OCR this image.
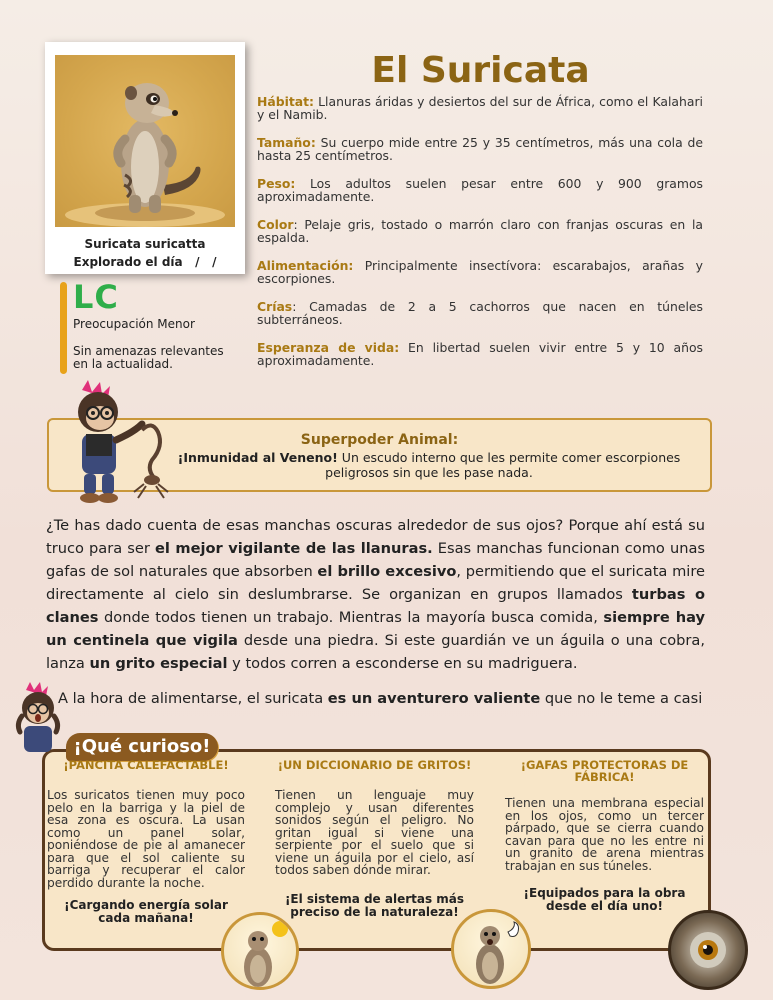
Suricata suricatta
Explorado el día   /   /
LC
Preocupación Menor
Sin amenazas relevantes
en la actualidad.
El Suricata
Hábitat: Llanuras áridas y desiertos del sur de África, como el Kalahari y el Namib.
Tamaño: Su cuerpo mide entre 25 y 35 centímetros, más una cola de hasta 25 centímetros.
Peso: Los adultos suelen pesar entre 600 y 900 gramos aproximadamente.
Color: Pelaje gris, tostado o marrón claro con franjas oscuras en la espalda.
Alimentación: Principalmente insectívora: escarabajos, arañas y escorpiones.
Crías: Camadas de 2 a 5 cachorros que nacen en túneles subterráneos.
Esperanza de vida: En libertad suelen vivir entre 5 y 10 años aproximadamente.
Superpoder Animal:
¡Inmunidad al Veneno! Un escudo interno que les permite comer escorpiones peligrosos sin que les pase nada.
¿Te has dado cuenta de esas manchas oscuras alrededor de sus ojos? Porque ahí está su truco para ser el mejor vigilante de las llanuras. Esas manchas funcionan como unas gafas de sol naturales que absorben el brillo excesivo, permitiendo que el suricata mire directamente al cielo sin deslumbrarse. Se organizan en grupos llamados turbas o clanes donde todos tienen un trabajo. Mientras la mayoría busca comida, siempre hay un centinela que vigila desde una piedra. Si este guardián ve un águila o una cobra, lanza un grito especial y todos corren a esconderse en su madriguera.
A la hora de alimentarse, el suricata es un aventurero valiente que no le teme a casi
¡Qué curioso!
¡PANCITA CALEFACTABLE!
Los suricatos tienen muy poco pelo en la barriga y la piel de esa zona es oscura. La usan como un panel solar, poniéndose de pie al amanecer para que el sol caliente su barriga y recuperar el calor perdido durante la noche.
¡Cargando energía solar cada mañana!
¡UN DICCIONARIO DE GRITOS!
Tienen un lenguaje muy complejo y usan diferentes sonidos según el peligro. No gritan igual si viene una serpiente por el suelo que si viene un águila por el cielo, así todos saben dónde mirar.
¡El sistema de alertas más preciso de la naturaleza!
¡GAFAS PROTECTORAS DE FÁBRICA!
Tienen una membrana especial en los ojos, como un tercer párpado, que se cierra cuando cavan para que no les entre ni un granito de arena mientras trabajan en sus túneles.
¡Equipados para la obra desde el día uno!
